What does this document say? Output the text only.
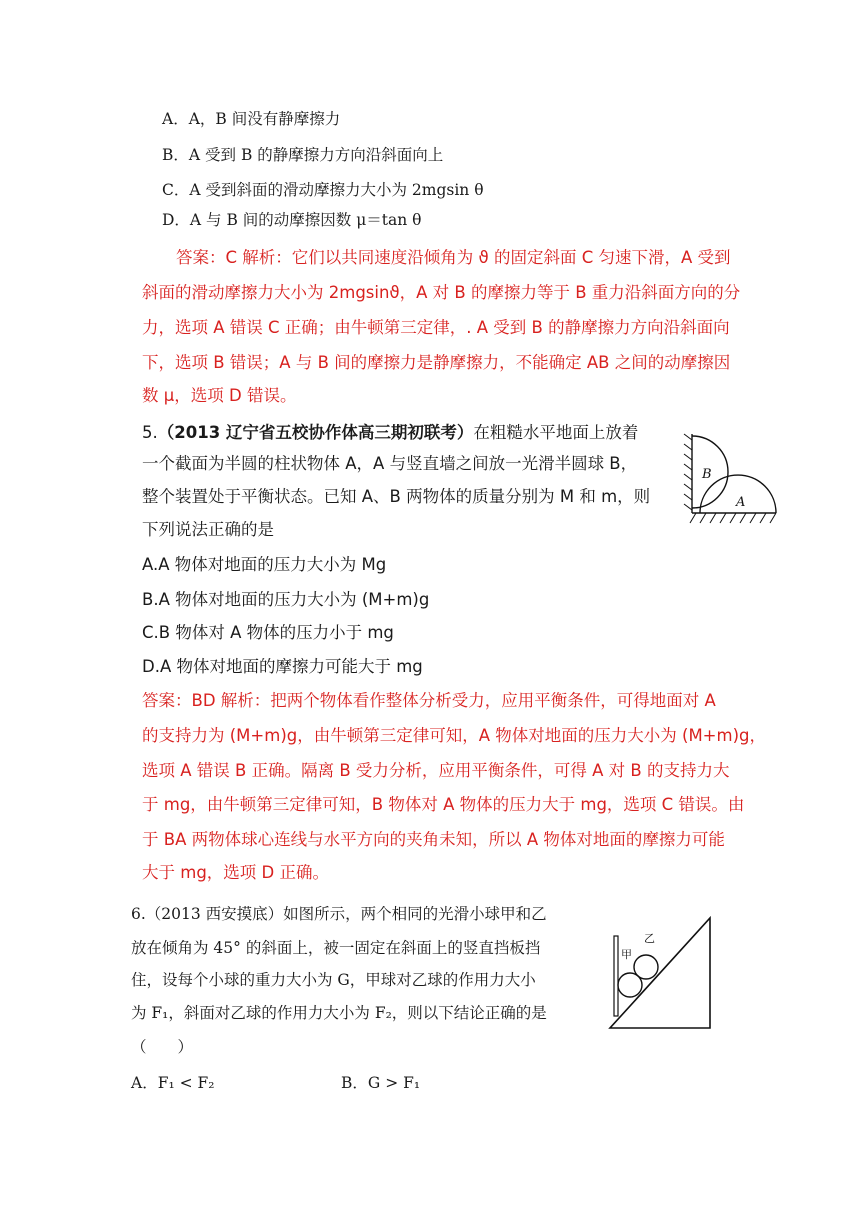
A．A，B 间没有静摩擦力
B．A 受到 B 的静摩擦力方向沿斜面向上
C．A 受到斜面的滑动摩擦力大小为 2mgsin θ
D．A 与 B 间的动摩擦因数 μ＝tan θ
答案：C 解析：它们以共同速度沿倾角为 ϑ 的固定斜面 C 匀速下滑，A 受到
斜面的滑动摩擦力大小为 2mgsinϑ，A 对 B 的摩擦力等于 B 重力沿斜面方向的分
力，选项 A 错误 C 正确；由牛顿第三定律，. A 受到 B 的静摩擦力方向沿斜面向
下，选项 B 错误；A 与 B 间的摩擦力是静摩擦力，不能确定 AB 之间的动摩擦因
数 μ，选项 D 错误。
5.（2013 辽宁省五校协作体高三期初联考）在粗糙水平地面上放着
一个截面为半圆的柱状物体 A，A 与竖直墙之间放一光滑半圆球 B，
整个装置处于平衡状态。已知 A、B 两物体的质量分别为 M 和 m，则
下列说法正确的是
A.A 物体对地面的压力大小为 Mg
B.A 物体对地面的压力大小为 (M+m)g
C.B 物体对 A 物体的压力小于 mg
D.A 物体对地面的摩擦力可能大于 mg
答案：BD 解析：把两个物体看作整体分析受力，应用平衡条件，可得地面对 A
的支持力为 (M+m)g，由牛顿第三定律可知，A 物体对地面的压力大小为 (M+m)g，
选项 A 错误 B 正确。隔离 B 受力分析，应用平衡条件，可得 A 对 B 的支持力大
于 mg，由牛顿第三定律可知，B 物体对 A 物体的压力大于 mg，选项 C 错误。由
于 BA 两物体球心连线与水平方向的夹角未知，所以 A 物体对地面的摩擦力可能
大于 mg，选项 D 正确。
B
A
6.（2013 西安摸底）如图所示，两个相同的光滑小球甲和乙
放在倾角为 45° 的斜面上，被一固定在斜面上的竖直挡板挡
住，设每个小球的重力大小为 G，甲球对乙球的作用力大小
为 F₁，斜面对乙球的作用力大小为 F₂，则以下结论正确的是
（　　）
A．F₁ < F₂	B．G > F₁
甲
乙
